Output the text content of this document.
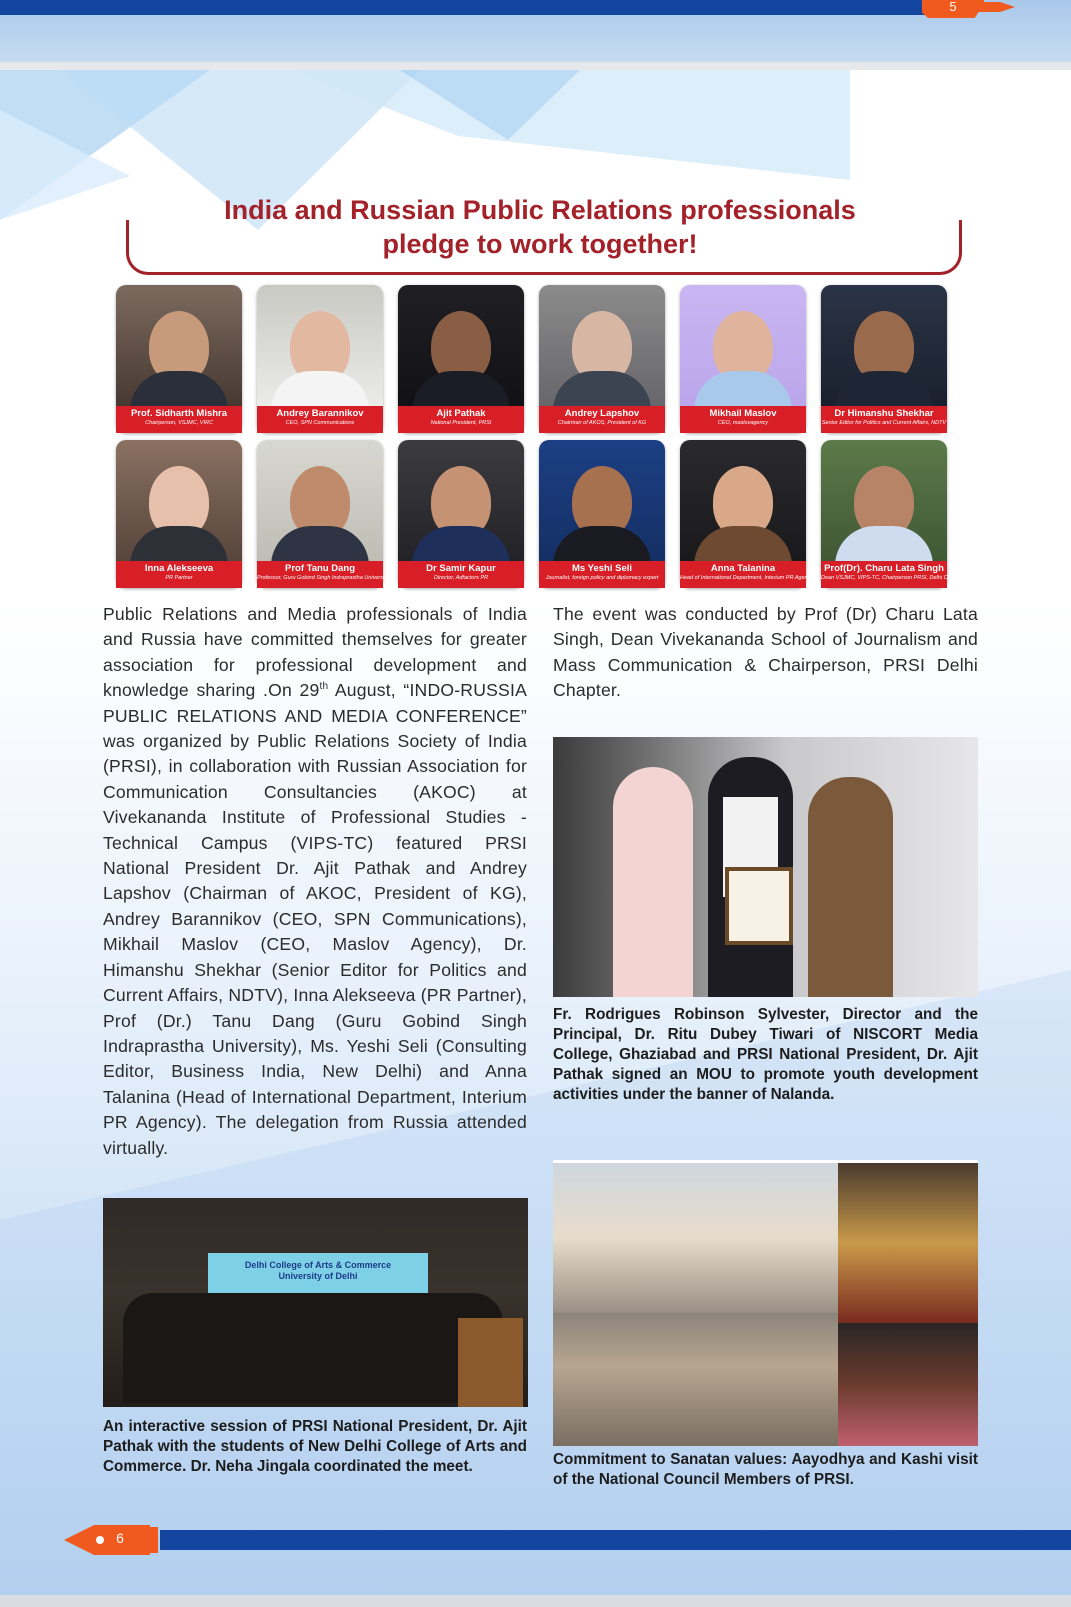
5
India and Russian Public Relations professionals
pledge to work together!
Prof. Sidharth Mishra
Chairperson, VSJMC, VIRC
Andrey Barannikov
CEO, SPN Communications
Ajit Pathak
National President, PRSI
Andrey Lapshov
Chairman of AKOS, President of KG
Mikhail Maslov
CEO, maslovagency
Dr Himanshu Shekhar
Senior Editor for Politics and Current Affairs, NDTV
Inna Alekseeva
PR Partner
Prof Tanu Dang
Professor, Guru Gobind Singh Indraprastha University
Dr Samir Kapur
Director, Adfactors PR
Ms Yeshi Seli
Journalist, foreign policy and diplomacy expert
Anna Talanina
Head of International Department, Interium PR Agency
Prof(Dr). Charu Lata Singh
Dean VSJMC, VIPS-TC, Chairperson PRSI, Delhi Chapter
Public Relations and Media professionals of India and Russia have committed themselves for greater association for professional development and knowledge sharing .On 29th August, “INDO-RUSSIA PUBLIC RELATIONS AND MEDIA CONFERENCE” was organized by Public Relations Society of India (PRSI), in collaboration with Russian Association for Communication Consultancies (AKOC) at Vivekananda Institute of Professional Studies - Technical Campus (VIPS-TC) featured PRSI National President Dr. Ajit Pathak and Andrey Lapshov (Chairman of AKOC, President of KG), Andrey Barannikov (CEO, SPN Communications), Mikhail Maslov (CEO, Maslov Agency), Dr. Himanshu Shekhar (Senior Editor for Politics and Current Affairs, NDTV), Inna Alekseeva (PR Partner), Prof (Dr.) Tanu Dang (Guru Gobind Singh Indraprastha University), Ms. Yeshi Seli (Consulting Editor, Business India, New Delhi) and Anna Talanina (Head of International Department, Interium PR Agency). The delegation from Russia attended virtually.
The event was conducted by Prof (Dr) Charu Lata Singh, Dean Vivekananda School of Journalism and Mass Communication & Chairperson, PRSI Delhi Chapter.
Fr. Rodrigues Robinson Sylvester, Director and the Principal, Dr. Ritu Dubey Tiwari of NISCORT Media College, Ghaziabad and PRSI National President, Dr. Ajit Pathak signed an MOU to promote youth development activities under the banner of Nalanda.
Commitment to Sanatan values: Aayodhya and Kashi visit of the National Council Members of PRSI.
Delhi College of Arts & Commerce
University of Delhi
An interactive session of PRSI National President, Dr. Ajit Pathak with the students of New Delhi College of Arts and Commerce. Dr. Neha Jingala coordinated the meet.
6
